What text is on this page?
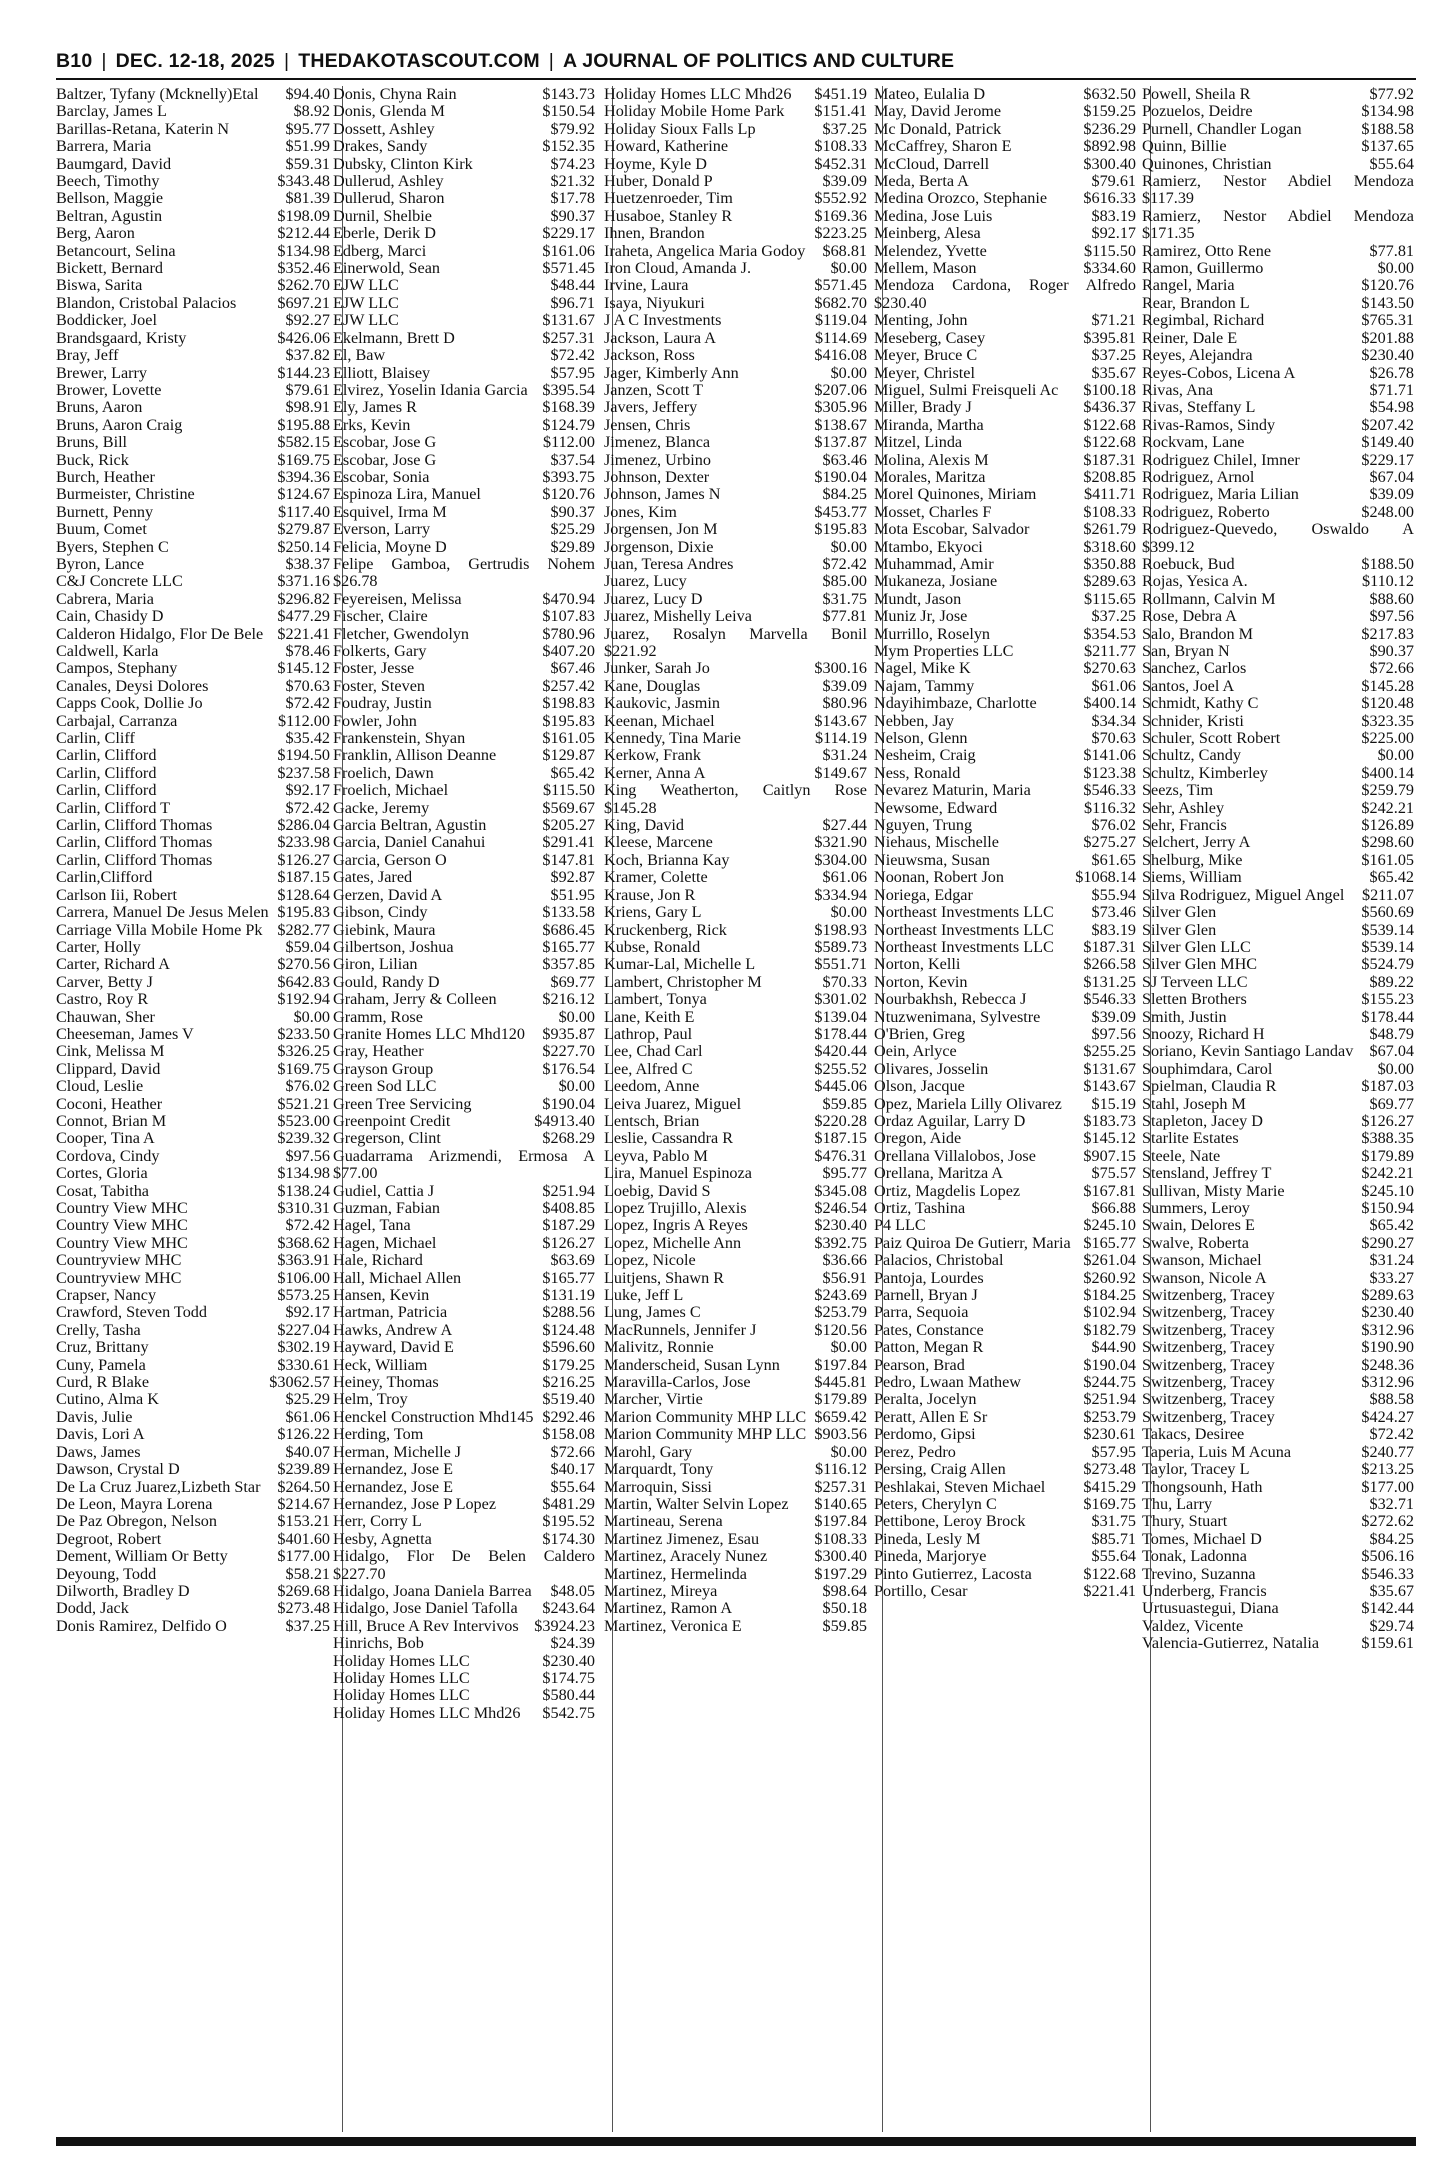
B10 | DEC. 12-18, 2025 | THEDAKOTASCOUT.COM | A JOURNAL OF POLITICS AND CULTURE
Baltzer, Tyfany (Mcknelly)Etal $94.40
Barclay, James L	$8.92
Barillas-Retana, Katerin N	$95.77
Barrera, Maria	$51.99
Baumgard, David	$59.31
Beech, Timothy	$343.48
Bellson, Maggie	$81.39
Beltran, Agustin	$198.09
Berg, Aaron	$212.44
Betancourt, Selina	$134.98
Bickett, Bernard	$352.46
Biswa, Sarita	$262.70
Blandon, Cristobal Palacios	$697.21
Boddicker, Joel	$92.27
Brandsgaard, Kristy	$426.06
Bray, Jeff	$37.82
Brewer, Larry	$144.23
Brower, Lovette	$79.61
Bruns, Aaron	$98.91
Bruns, Aaron Craig	$195.88
Bruns, Bill	$582.15
Buck, Rick	$169.75
Burch, Heather	$394.36
Burmeister, Christine	$124.67
Burnett, Penny	$117.40
Buum, Comet	$279.87
Byers, Stephen C	$250.14
Byron, Lance	$38.37
C&J Concrete LLC	$371.16
Cabrera, Maria	$296.82
Cain, Chasidy D	$477.29
Calderon Hidalgo, Flor De Bele $221.41
Caldwell, Karla	$78.46
Campos, Stephany	$145.12
Canales, Deysi Dolores	$70.63
Capps Cook, Dollie Jo	$72.42
Carbajal, Carranza	$112.00
Carlin, Cliff	$35.42
Carlin, Clifford	$194.50
Carlin, Clifford	$237.58
Carlin, Clifford	$92.17
Carlin, Clifford T	$72.42
Carlin, Clifford Thomas	$286.04
Carlin, Clifford Thomas	$233.98
Carlin, Clifford Thomas	$126.27
Carlin,Clifford	$187.15
Carlson Iii, Robert	$128.64
Carrera, Manuel De Jesus Melen $195.83
Carriage Villa Mobile Home Pk $282.77
Carter, Holly	$59.04
Carter, Richard A	$270.56
Carver, Betty J	$642.83
Castro, Roy R	$192.94
Chauwan, Sher	$0.00
Cheeseman, James V	$233.50
Cink, Melissa M	$326.25
Clippard, David	$169.75
Cloud, Leslie	$76.02
Coconi, Heather	$521.21
Connot, Brian M	$523.00
Cooper, Tina A	$239.32
Cordova, Cindy	$97.56
Cortes, Gloria	$134.98
Cosat, Tabitha	$138.24
Country View MHC	$310.31
Country View MHC	$72.42
Country View MHC	$368.62
Countryview MHC	$363.91
Countryview MHC	$106.00
Crapser, Nancy	$573.25
Crawford, Steven Todd	$92.17
Crelly, Tasha	$227.04
Cruz, Brittany	$302.19
Cuny, Pamela	$330.61
Curd, R Blake	$3062.57
Cutino, Alma K	$25.29
Davis, Julie	$61.06
Davis, Lori A	$126.22
Daws, James	$40.07
Dawson, Crystal D	$239.89
De La Cruz Juarez,Lizbeth Star $264.50
De Leon, Mayra Lorena	$214.67
De Paz Obregon, Nelson	$153.21
Degroot, Robert	$401.60
Dement, William Or Betty	$177.00
Deyoung, Todd	$58.21
Dilworth, Bradley D	$269.68
Dodd, Jack	$273.48
Donis Ramirez, Delfido O	$37.25
Donis, Chyna Rain	$143.73
Donis, Glenda M	$150.54
Dossett, Ashley	$79.92
Drakes, Sandy	$152.35
Dubsky, Clinton Kirk	$74.23
Dullerud, Ashley	$21.32
Dullerud, Sharon	$17.78
Durnil, Shelbie	$90.37
Eberle, Derik D	$229.17
Edberg, Marci	$161.06
Einerwold, Sean	$571.45
EJW LLC	$48.44
EJW LLC	$96.71
EJW LLC	$131.67
Ekelmann, Brett D	$257.31
El, Baw	$72.42
Elliott, Blaisey	$57.95
Elvirez, Yoselin Idania Garcia $395.54
Ely, James R	$168.39
Erks, Kevin	$124.79
Escobar, Jose G	$112.00
Escobar, Jose G	$37.54
Escobar, Sonia	$393.75
Espinoza Lira, Manuel	$120.76
Esquivel, Irma M	$90.37
Everson, Larry	$25.29
Felicia, Moyne D	$29.89
Felipe Gamboa, Gertrudis Nohem
$26.78
Feyereisen, Melissa	$470.94
Fischer, Claire	$107.83
Fletcher, Gwendolyn	$780.96
Folkerts, Gary	$407.20
Foster, Jesse	$67.46
Foster, Steven	$257.42
Foudray, Justin	$198.83
Fowler, John	$195.83
Frankenstein, Shyan	$161.05
Franklin, Allison Deanne	$129.87
Froelich, Dawn	$65.42
Froelich, Michael	$115.50
Gacke, Jeremy	$569.67
Garcia Beltran, Agustin	$205.27
Garcia, Daniel Canahui	$291.41
Garcia, Gerson O	$147.81
Gates, Jared	$92.87
Gerzen, David A	$51.95
Gibson, Cindy	$133.58
Giebink, Maura	$686.45
Gilbertson, Joshua	$165.77
Giron, Lilian	$357.85
Gould, Randy D	$69.77
Graham, Jerry & Colleen	$216.12
Gramm, Rose	$0.00
Granite Homes LLC Mhd120 $935.87
Gray, Heather	$227.70
Grayson Group	$176.54
Green Sod LLC	$0.00
Green Tree Servicing	$190.04
Greenpoint Credit	$4913.40
Gregerson, Clint	$268.29
Guadarrama Arizmendi, Ermosa A
$77.00
Gudiel, Cattia J	$251.94
Guzman, Fabian	$408.85
Hagel, Tana	$187.29
Hagen, Michael	$126.27
Hale, Richard	$63.69
Hall, Michael Allen	$165.77
Hansen, Kevin	$131.19
Hartman, Patricia	$288.56
Hawks, Andrew A	$124.48
Hayward, David E	$596.60
Heck, William	$179.25
Heiney, Thomas	$216.25
Helm, Troy	$519.40
Henckel Construction Mhd145 $292.46
Herding, Tom	$158.08
Herman, Michelle J	$72.66
Hernandez, Jose E	$40.17
Hernandez, Jose E	$55.64
Hernandez, Jose P Lopez	$481.29
Herr, Corry L	$195.52
Hesby, Agnetta	$174.30
Hidalgo, Flor De Belen Caldero
$227.70
Hidalgo, Joana Daniela Barrea $48.05
Hidalgo, Jose Daniel Tafolla $243.64
Hill, Bruce A Rev Intervivos $3924.23
Hinrichs, Bob	$24.39
Holiday Homes LLC	$230.40
Holiday Homes LLC	$174.75
Holiday Homes LLC	$580.44
Holiday Homes LLC Mhd26 $542.75
Holiday Homes LLC Mhd26 $451.19
Holiday Mobile Home Park $151.41
Holiday Sioux Falls Lp	$37.25
Howard, Katherine	$108.33
Hoyme, Kyle D	$452.31
Huber, Donald P	$39.09
Huetzenroeder, Tim	$552.92
Husaboe, Stanley R	$169.36
Ihnen, Brandon	$223.25
Iraheta, Angelica Maria Godoy $68.81
Iron Cloud, Amanda J.	$0.00
Irvine, Laura	$571.45
Isaya, Niyukuri	$682.70
J A C Investments	$119.04
Jackson, Laura A	$114.69
Jackson, Ross	$416.08
Jager, Kimberly Ann	$0.00
Janzen, Scott T	$207.06
Javers, Jeffery	$305.96
Jensen, Chris	$138.67
Jimenez, Blanca	$137.87
Jimenez, Urbino	$63.46
Johnson, Dexter	$190.04
Johnson, James N	$84.25
Jones, Kim	$453.77
Jorgensen, Jon M	$195.83
Jorgenson, Dixie	$0.00
Juan, Teresa Andres	$72.42
Juarez, Lucy	$85.00
Juarez, Lucy D	$31.75
Juarez, Mishelly Leiva	$77.81
Juarez, Rosalyn Marvella Bonil
$221.92
Junker, Sarah Jo	$300.16
Kane, Douglas	$39.09
Kaukovic, Jasmin	$80.96
Keenan, Michael	$143.67
Kennedy, Tina Marie	$114.19
Kerkow, Frank	$31.24
Kerner, Anna A	$149.67
King Weatherton, Caitlyn Rose
$145.28
King, David	$27.44
Kleese, Marcene	$321.90
Koch, Brianna Kay	$304.00
Kramer, Colette	$61.06
Krause, Jon R	$334.94
Kriens, Gary L	$0.00
Kruckenberg, Rick	$198.93
Kubse, Ronald	$589.73
Kumar-Lal, Michelle L	$551.71
Lambert, Christopher M	$70.33
Lambert, Tonya	$301.02
Lane, Keith E	$139.04
Lathrop, Paul	$178.44
Lee, Chad Carl	$420.44
Lee, Alfred C	$255.52
Leedom, Anne	$445.06
Leiva Juarez, Miguel	$59.85
Lentsch, Brian	$220.28
Leslie, Cassandra R	$187.15
Leyva, Pablo M	$476.31
Lira, Manuel Espinoza	$95.77
Loebig, David S	$345.08
Lopez Trujillo, Alexis	$246.54
Lopez, Ingris A Reyes	$230.40
Lopez, Michelle Ann	$392.75
Lopez, Nicole	$36.66
Luitjens, Shawn R	$56.91
Luke, Jeff L	$243.69
Lung, James C	$253.79
MacRunnels, Jennifer J	$120.56
Malivitz, Ronnie	$0.00
Manderscheid, Susan Lynn $197.84
Maravilla-Carlos, Jose	$445.81
Marcher, Virtie	$179.89
Marion Community MHP LLC $659.42
Marion Community MHP LLC $903.56
Marohl, Gary	$0.00
Marquardt, Tony	$116.12
Marroquin, Sissi	$257.31
Martin, Walter Selvin Lopez $140.65
Martineau, Serena	$197.84
Martinez Jimenez, Esau	$108.33
Martinez, Aracely Nunez	$300.40
Martinez, Hermelinda	$197.29
Martinez, Mireya	$98.64
Martinez, Ramon A	$50.18
Martinez, Veronica E	$59.85
Mateo, Eulalia D	$632.50
May, David Jerome	$159.25
Mc Donald, Patrick	$236.29
McCaffrey, Sharon E	$892.98
McCloud, Darrell	$300.40
Meda, Berta A	$79.61
Medina Orozco, Stephanie $616.33
Medina, Jose Luis	$83.19
Meinberg, Alesa	$92.17
Melendez, Yvette	$115.50
Mellem, Mason	$334.60
Mendoza Cardona, Roger Alfredo
$230.40
Menting, John	$71.21
Meseberg, Casey	$395.81
Meyer, Bruce C	$37.25
Meyer, Christel	$35.67
Miguel, Sulmi Freisqueli Ac $100.18
Miller, Brady J	$436.37
Miranda, Martha	$122.68
Mitzel, Linda	$122.68
Molina, Alexis M	$187.31
Morales, Maritza	$208.85
Morel Quinones, Miriam	$411.71
Mosset, Charles F	$108.33
Mota Escobar, Salvador	$261.79
Mtambo, Ekyoci	$318.60
Muhammad, Amir	$350.88
Mukaneza, Josiane	$289.63
Mundt, Jason	$115.65
Muniz Jr, Jose	$37.25
Murrillo, Roselyn	$354.53
Mym Properties LLC	$211.77
Nagel, Mike K	$270.63
Najam, Tammy	$61.06
Ndayihimbaze, Charlotte	$400.14
Nebben, Jay	$34.34
Nelson, Glenn	$70.63
Nesheim, Craig	$141.06
Ness, Ronald	$123.38
Nevarez Maturin, Maria	$546.33
Newsome, Edward	$116.32
Nguyen, Trung	$76.02
Niehaus, Mischelle	$275.27
Nieuwsma, Susan	$61.65
Noonan, Robert Jon	$1068.14
Noriega, Edgar	$55.94
Northeast Investments LLC $73.46
Northeast Investments LLC $83.19
Northeast Investments LLC $187.31
Norton, Kelli	$266.58
Norton, Kevin	$131.25
Nourbakhsh, Rebecca J	$546.33
Ntuzwenimana, Sylvestre	$39.09
O'Brien, Greg	$97.56
Oein, Arlyce	$255.25
Olivares, Josselin	$131.67
Olson, Jacque	$143.67
Opez, Mariela Lilly Olivarez $15.19
Ordaz Aguilar, Larry D	$183.73
Oregon, Aide	$145.12
Orellana Villalobos, Jose	$907.15
Orellana, Maritza A	$75.57
Ortiz, Magdelis Lopez	$167.81
Ortiz, Tashina	$66.88
P4 LLC	$245.10
Paiz Quiroa De Gutierr, Maria $165.77
Palacios, Christobal	$261.04
Pantoja, Lourdes	$260.92
Parnell, Bryan J	$184.25
Parra, Sequoia	$102.94
Pates, Constance	$182.79
Patton, Megan R	$44.90
Pearson, Brad	$190.04
Pedro, Lwaan Mathew	$244.75
Peralta, Jocelyn	$251.94
Peratt, Allen E Sr	$253.79
Perdomo, Gipsi	$230.61
Perez, Pedro	$57.95
Persing, Craig Allen	$273.48
Peshlakai, Steven Michael $415.29
Peters, Cherylyn C	$169.75
Pettibone, Leroy Brock	$31.75
Pineda, Lesly M	$85.71
Pineda, Marjorye	$55.64
Pinto Gutierrez, Lacosta	$122.68
Portillo, Cesar	$221.41
Powell, Sheila R	$77.92
Pozuelos, Deidre	$134.98
Purnell, Chandler Logan	$188.58
Quinn, Billie	$137.65
Quinones, Christian	$55.64
Ramierz, Nestor Abdiel Mendoza
$117.39
Ramierz, Nestor Abdiel Mendoza
$171.35
Ramirez, Otto Rene	$77.81
Ramon, Guillermo	$0.00
Rangel, Maria	$120.76
Rear, Brandon L	$143.50
Regimbal, Richard	$765.31
Reiner, Dale E	$201.88
Reyes, Alejandra	$230.40
Reyes-Cobos, Licena A	$26.78
Rivas, Ana	$71.71
Rivas, Steffany L	$54.98
Rivas-Ramos, Sindy	$207.42
Rockvam, Lane	$149.40
Rodriguez Chilel, Imner	$229.17
Rodriguez, Arnol	$67.04
Rodriguez, Maria Lilian	$39.09
Rodriguez, Roberto	$248.00
Rodriguez-Quevedo, Oswaldo A
$399.12
Roebuck, Bud	$188.50
Rojas, Yesica A.	$110.12
Rollmann, Calvin M	$88.60
Rose, Debra A	$97.56
Salo, Brandon M	$217.83
San, Bryan N	$90.37
Sanchez, Carlos	$72.66
Santos, Joel A	$145.28
Schmidt, Kathy C	$120.48
Schnider, Kristi	$323.35
Schuler, Scott Robert	$225.00
Schultz, Candy	$0.00
Schultz, Kimberley	$400.14
Seezs, Tim	$259.79
Sehr, Ashley	$242.21
Sehr, Francis	$126.89
Selchert, Jerry A	$298.60
Shelburg, Mike	$161.05
Siems, William	$65.42
Silva Rodriguez, Miguel Angel $211.07
Silver Glen	$560.69
Silver Glen	$539.14
Silver Glen LLC	$539.14
Silver Glen MHC	$524.79
SJ Terveen LLC	$89.22
Sletten Brothers	$155.23
Smith, Justin	$178.44
Snoozy, Richard H	$48.79
Soriano, Kevin Santiago Landav $67.04
Souphimdara, Carol	$0.00
Spielman, Claudia R	$187.03
Stahl, Joseph M	$69.77
Stapleton, Jacey D	$126.27
Starlite Estates	$388.35
Steele, Nate	$179.89
Stensland, Jeffrey T	$242.21
Sullivan, Misty Marie	$245.10
Summers, Leroy	$150.94
Swain, Delores E	$65.42
Swalve, Roberta	$290.27
Swanson, Michael	$31.24
Swanson, Nicole A	$33.27
Switzenberg, Tracey	$289.63
Switzenberg, Tracey	$230.40
Switzenberg, Tracey	$312.96
Switzenberg, Tracey	$190.90
Switzenberg, Tracey	$248.36
Switzenberg, Tracey	$312.96
Switzenberg, Tracey	$88.58
Switzenberg, Tracey	$424.27
Takacs, Desiree	$72.42
Taperia, Luis M Acuna	$240.77
Taylor, Tracey L	$213.25
Thongsounh, Hath	$177.00
Thu, Larry	$32.71
Thury, Stuart	$272.62
Tomes, Michael D	$84.25
Tonak, Ladonna	$506.16
Trevino, Suzanna	$546.33
Underberg, Francis	$35.67
Urtusuastegui, Diana	$142.44
Valdez, Vicente	$29.74
Valencia-Gutierrez, Natalia	$159.61
